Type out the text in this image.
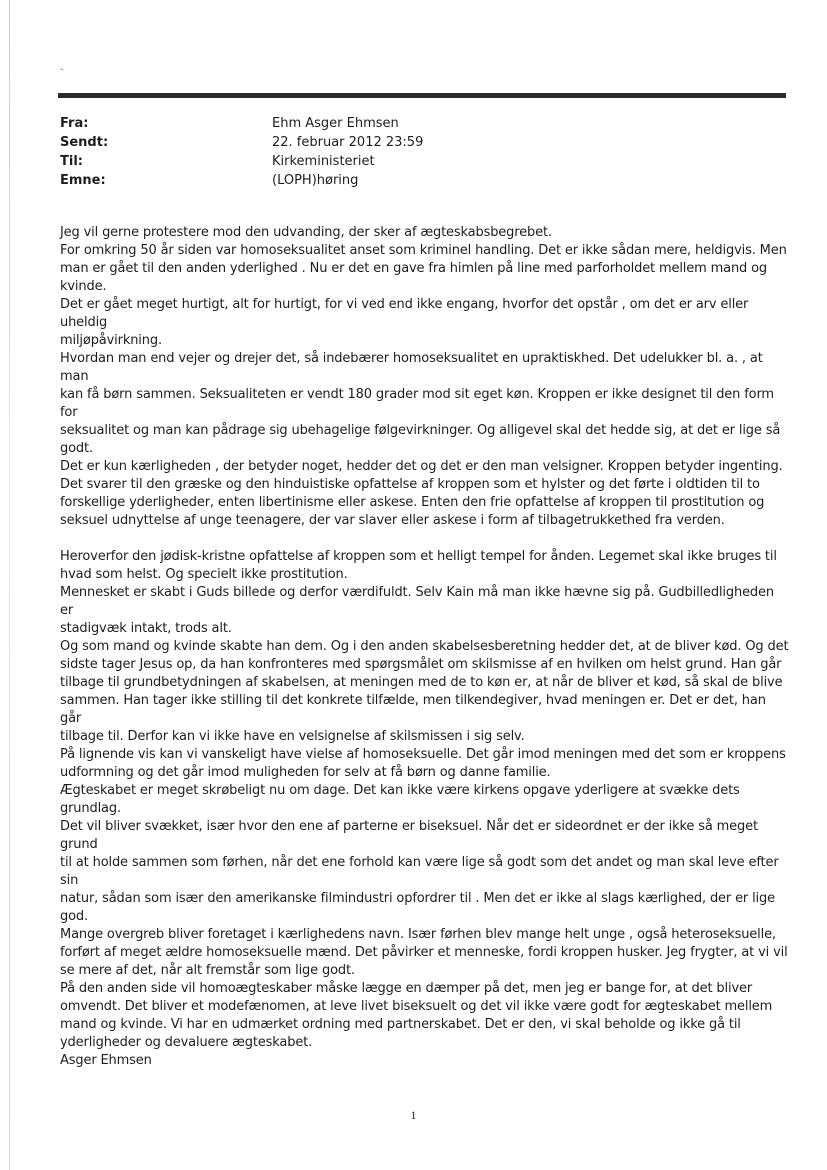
ᵕ
Fra:	Ehm Asger Ehmsen
Sendt:	22. februar 2012 23:59
Til:	Kirkeministeriet
Emne:	(LOPH)høring

Jeg vil gerne protestere mod den udvanding, der sker af ægteskabsbegrebet.

For omkring 50 år siden var homoseksualitet anset som kriminel handling. Det er ikke sådan mere, heldigvis. Men

man er gået til den anden yderlighed . Nu er det en gave fra himlen på line med parforholdet mellem mand og

kvinde.

Det er gået meget hurtigt, alt for hurtigt, for vi ved end ikke engang, hvorfor det opstår , om det er arv eller uheldig

miljøpåvirkning.

Hvordan man end vejer og drejer det, så indebærer homoseksualitet en upraktiskhed. Det udelukker bl. a. , at man

kan få børn sammen. Seksualiteten er vendt 180 grader mod sit eget køn. Kroppen er ikke designet til den form for

seksualitet og man kan pådrage sig ubehagelige følgevirkninger. Og alligevel skal det hedde sig, at det er lige så

godt.

Det er kun kærligheden , der betyder noget, hedder det og det er den man velsigner. Kroppen betyder ingenting.

Det svarer til den græske og den hinduistiske opfattelse af kroppen som et hylster og det førte i oldtiden til to

forskellige yderligheder, enten libertinisme eller askese. Enten den frie opfattelse af kroppen til prostitution og

seksuel udnyttelse af unge teenagere, der var slaver eller askese i form af tilbagetrukkethed fra verden.

Heroverfor den jødisk-kristne opfattelse af kroppen som et helligt tempel for ånden. Legemet skal ikke bruges til

hvad som helst. Og specielt ikke prostitution.

Mennesket er skabt i Guds billede og derfor værdifuldt. Selv Kain må man ikke hævne sig på. Gudbilledligheden er

stadigvæk intakt, trods alt.

Og som mand og kvinde skabte han dem. Og i den anden skabelsesberetning hedder det, at de bliver kød. Og det

sidste tager Jesus op, da han konfronteres med spørgsmålet om skilsmisse af en hvilken om helst grund. Han går

tilbage til grundbetydningen af skabelsen, at meningen med de to køn er, at når de bliver et kød, så skal de blive

sammen. Han tager ikke stilling til det konkrete tilfælde, men tilkendegiver, hvad meningen er. Det er det, han går

tilbage til. Derfor kan vi ikke have en velsignelse af skilsmissen i sig selv.

På lignende vis kan vi vanskeligt have vielse af homoseksuelle. Det går imod meningen med det som er kroppens

udformning og det går imod muligheden for selv at få børn og danne familie.

Ægteskabet er meget skrøbeligt nu om dage. Det kan ikke være kirkens opgave yderligere at svække dets grundlag.

Det vil bliver svækket, især hvor den ene af parterne er biseksuel. Når det er sideordnet er der ikke så meget grund

til at holde sammen som førhen, når det ene forhold kan være lige så godt som det andet og man skal leve efter sin

natur, sådan som især den amerikanske filmindustri opfordrer til . Men det er ikke al slags kærlighed, der er lige

god.

Mange overgreb bliver foretaget i kærlighedens navn. Især førhen blev mange helt unge , også heteroseksuelle,

forført af meget ældre homoseksuelle mænd. Det påvirker et menneske, fordi kroppen husker. Jeg frygter, at vi vil

se mere af det, når alt fremstår som lige godt.

På den anden side vil homoægteskaber måske lægge en dæmper på det, men jeg er bange for, at det bliver

omvendt. Det bliver et modefænomen, at leve livet biseksuelt og det vil ikke være godt for ægteskabet mellem

mand og kvinde. Vi har en udmærket ordning med partnerskabet. Det er den, vi skal beholde og ikke gå til

yderligheder og devaluere ægteskabet.

Asger Ehmsen

1
